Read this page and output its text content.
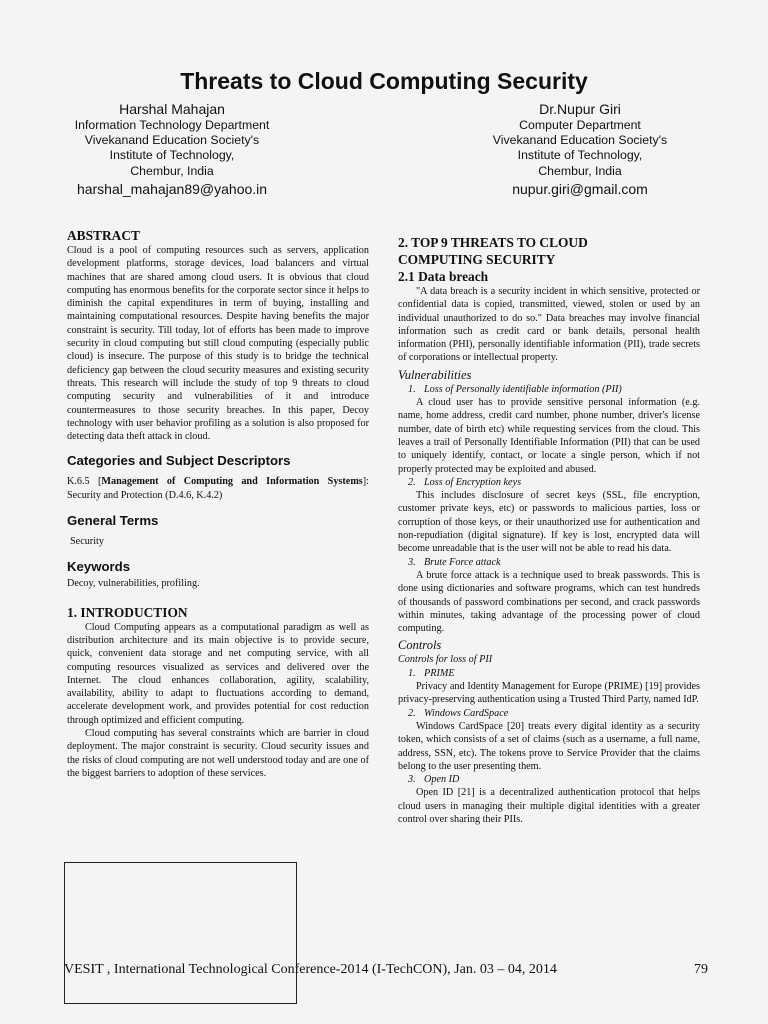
Threats to Cloud Computing Security
Harshal Mahajan
Information Technology Department
Vivekanand Education Society's
Institute of Technology,
Chembur, India
harshal_mahajan89@yahoo.in
Dr.Nupur Giri
Computer Department
Vivekanand Education Society's
Institute of Technology,
Chembur, India
nupur.giri@gmail.com
ABSTRACT

Cloud is a pool of computing resources such as servers, application development platforms, storage devices, load balancers and virtual machines that are shared among cloud users. It is obvious that cloud computing has enormous benefits for the corporate sector since it helps to diminish the capital expenditures in term of buying, installing and maintaining computational resources. Despite having benefits the major constraint is security. Till today, lot of efforts has been made to improve security in cloud computing but still cloud computing (especially public cloud) is insecure. The purpose of this study is to bridge the technical deficiency gap between the cloud security measures and existing security threats. This research will include the study of top 9 threats to cloud computing security and vulnerabilities of it and introduce countermeasures to those security breaches. In this paper, Decoy technology with user behavior profiling as a solution is also proposed for detecting data theft attack in cloud.

Categories and Subject Descriptors

K.6.5 [Management of Computing and Information Systems]: Security and Protection (D.4.6, K.4.2)

General Terms

Security

Keywords

Decoy, vulnerabilities, profiling.

1. INTRODUCTION

Cloud Computing appears as a computational paradigm as well as distribution architecture and its main objective is to provide secure, quick, convenient data storage and net computing service, with all computing resources visualized as services and delivered over the Internet. The cloud enhances collaboration, agility, scalability, availability, ability to adapt to fluctuations according to demand, accelerate development work, and provides potential for cost reduction through optimized and efficient computing.

Cloud computing has several constraints which are barrier in cloud deployment. The major constraint is security. Cloud security issues and the risks of cloud computing are not well understood today and are one of the biggest barriers to adoption of these services.

2. TOP 9 THREATS TO CLOUD
COMPUTING SECURITY
2.1 Data breach

"A data breach is a security incident in which sensitive, protected or confidential data is copied, transmitted, viewed, stolen or used by an individual unauthorized to do so." Data breaches may involve financial information such as credit card or bank details, personal health information (PHI), personally identifiable information (PII), trade secrets of corporations or intellectual property.

Vulnerabilities
1. Loss of Personally identifiable information (PII)

A cloud user has to provide sensitive personal information (e.g. name, home address, credit card number, phone number, driver's license number, date of birth etc) while requesting services from the cloud. This leaves a trail of Personally Identifiable Information (PII) that can be used to uniquely identify, contact, or locate a single person, which if not properly protected may be exploited and abused.

2. Loss of Encryption keys

This includes disclosure of secret keys (SSL, file encryption, customer private keys, etc) or passwords to malicious parties, loss or corruption of those keys, or their unauthorized use for authentication and non-repudiation (digital signature). If key is lost, encrypted data will become unreadable that is the user will not be able to read his data.

3. Brute Force attack

A brute force attack is a technique used to break passwords. This is done using dictionaries and software programs, which can test hundreds of thousands of password combinations per second, and crack passwords within minutes, taking advantage of the processing power of cloud computing.

Controls
Controls for loss of PII
1. PRIME

Privacy and Identity Management for Europe (PRIME) [19] provides privacy-preserving authentication using a Trusted Third Party, named IdP.

2. Windows CardSpace

Windows CardSpace [20] treats every digital identity as a security token, which consists of a set of claims (such as a username, a full name, address, SSN, etc). The tokens prove to Service Provider that the claims belong to the user presenting them.

3. Open ID

Open ID [21] is a decentralized authentication protocol that helps cloud users in managing their multiple digital identities with a greater control over sharing their PIIs.

VESIT , International Technological Conference-2014 (I-TechCON), Jan. 03 – 04, 2014	79
